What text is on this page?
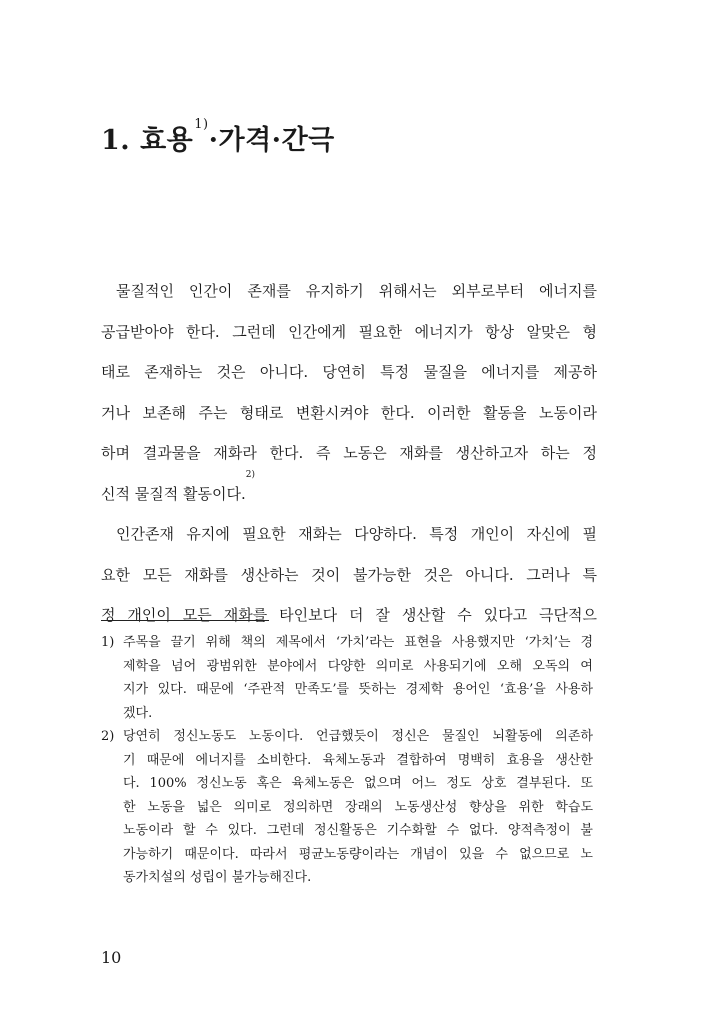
1. 효용$^{1)}$·가격·간극

물질적인 인간이 존재를 유지하기 위해서는 외부로부터 에너지를

공급받아야 한다. 그런데 인간에게 필요한 에너지가 항상 알맞은 형

태로 존재하는 것은 아니다. 당연히 특정 물질을 에너지를 제공하

거나 보존해 주는 형태로 변환시켜야 한다. 이러한 활동을 노동이라

하며 결과물을 재화라 한다. 즉 노동은 재화를 생산하고자 하는 정

신적 물질적 활동이다.$^{2)}$

인간존재 유지에 필요한 재화는 다양하다. 특정 개인이 자신에 필

요한 모든 재화를 생산하는 것이 불가능한 것은 아니다. 그러나 특

정 개인이 모든 재화를 타인보다 더 잘 생산할 수 있다고 극단적으

1) 주목을 끌기 위해 책의 제목에서 ‘가치’라는 표현을 사용했지만 ‘가치’는 경
제학을 넘어 광범위한 분야에서 다양한 의미로 사용되기에 오해 오독의 여
지가 있다. 때문에 ‘주관적 만족도’를 뜻하는 경제학 용어인 ‘효용’을 사용하
겠다.
2) 당연히 정신노동도 노동이다. 언급했듯이 정신은 물질인 뇌활동에 의존하
기 때문에 에너지를 소비한다. 육체노동과 결합하여 명백히 효용을 생산한
다. 100% 정신노동 혹은 육체노동은 없으며 어느 정도 상호 결부된다. 또
한 노동을 넓은 의미로 정의하면 장래의 노동생산성 향상을 위한 학습도
노동이라 할 수 있다. 그런데 정신활동은 기수화할 수 없다. 양적측정이 불
가능하기 때문이다. 따라서 평균노동량이라는 개념이 있을 수 없으므로 노
동가치설의 성립이 불가능해진다.
10
